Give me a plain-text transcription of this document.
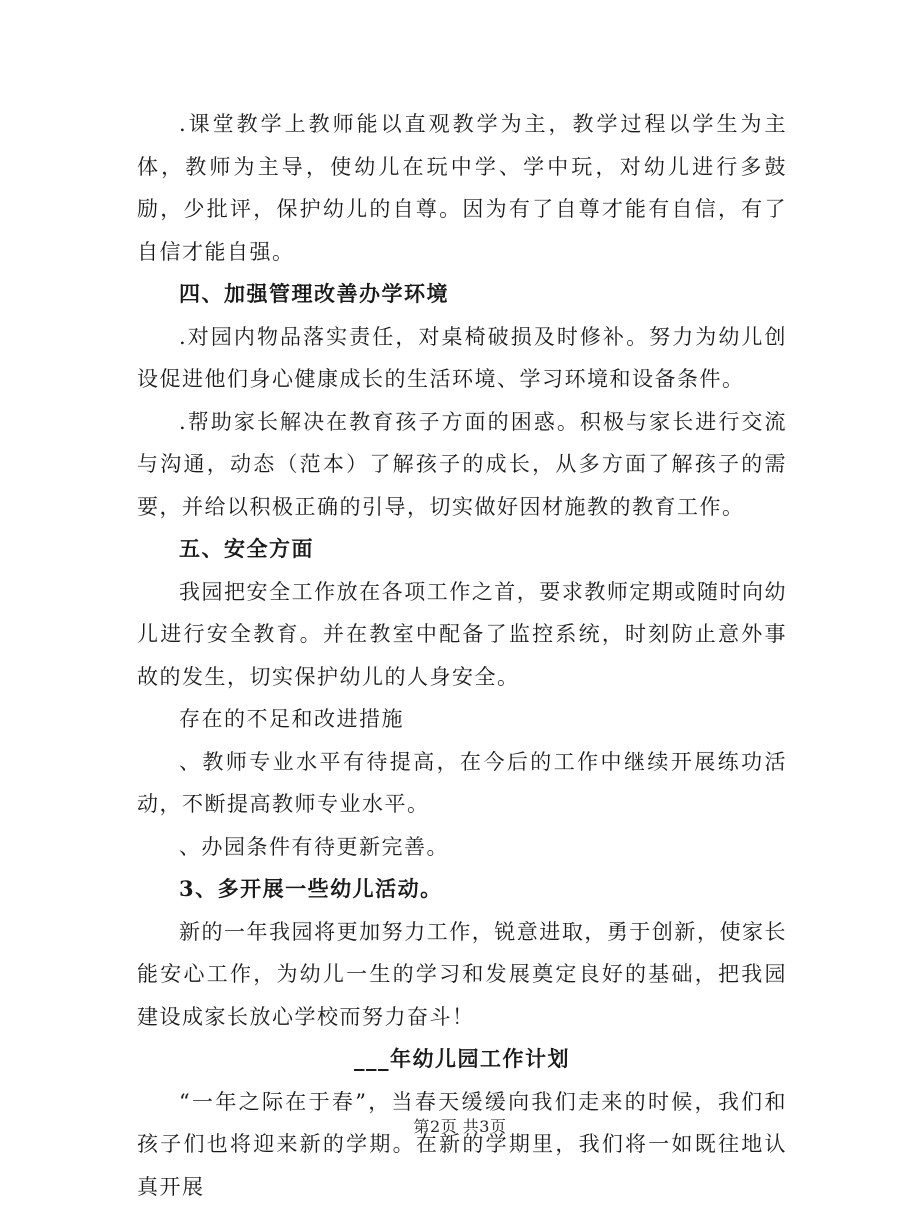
.课堂教学上教师能以直观教学为主，教学过程以学生为主体，教师为主导，使幼儿在玩中学、学中玩，对幼儿进行多鼓励，少批评，保护幼儿的自尊。因为有了自尊才能有自信，有了自信才能自强。

四、加强管理改善办学环境

.对园内物品落实责任，对桌椅破损及时修补。努力为幼儿创设促进他们身心健康成长的生活环境、学习环境和设备条件。

.帮助家长解决在教育孩子方面的困惑。积极与家长进行交流与沟通，动态（范本）了解孩子的成长，从多方面了解孩子的需要，并给以积极正确的引导，切实做好因材施教的教育工作。

五、安全方面

我园把安全工作放在各项工作之首，要求教师定期或随时向幼儿进行安全教育。并在教室中配备了监控系统，时刻防止意外事故的发生，切实保护幼儿的人身安全。

存在的不足和改进措施

、教师专业水平有待提高，在今后的工作中继续开展练功活动，不断提高教师专业水平。

、办园条件有待更新完善。

3、多开展一些幼儿活动。

新的一年我园将更加努力工作，锐意进取，勇于创新，使家长能安心工作，为幼儿一生的学习和发展奠定良好的基础，把我园建设成家长放心学校而努力奋斗！

___年幼儿园工作计划

“一年之际在于春”，当春天缓缓向我们走来的时候，我们和孩子们也将迎来新的学期。在新的学期里，我们将一如既往地认真开展

第2页 共3页
